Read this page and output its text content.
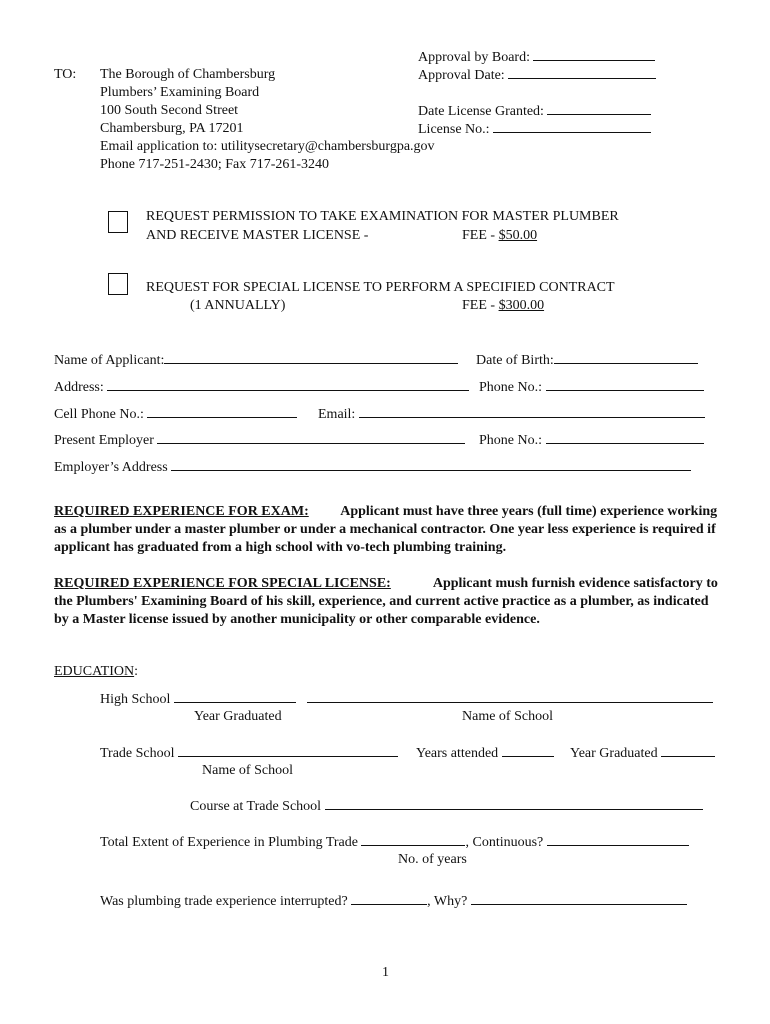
TO: The Borough of Chambersburg
Plumbers’ Examining Board
100 South Second Street
Chambersburg, PA 17201
Email application to: utilitysecretary@chambersburgpa.gov
Phone 717-251-2430; Fax 717-261-3240
Approval by Board:
Approval Date:
Date License Granted:
License No.:
REQUEST PERMISSION TO TAKE EXAMINATION FOR MASTER PLUMBER
AND RECEIVE MASTER LICENSE -	FEE - $50.00
REQUEST FOR SPECIAL LICENSE TO PERFORM A SPECIFIED CONTRACT
(1 ANNUALLY)	FEE - $300.00
Name of Applicant:	Date of Birth:
Address:	Phone No.:
Cell Phone No.:	Email:
Present Employer	Phone No.:
Employer’s Address
REQUIRED EXPERIENCE FOR EXAM: Applicant must have three years (full time) experience working as a plumber under a master plumber or under a mechanical contractor. One year less experience is required if applicant has graduated from a high school with vo-tech plumbing training.
REQUIRED EXPERIENCE FOR SPECIAL LICENSE:	Applicant mush furnish evidence satisfactory to the Plumbers' Examining Board of his skill, experience, and current active practice as a plumber, as indicated by a Master license issued by another municipality or other comparable evidence.
EDUCATION:
High School
Year Graduated	Name of School
Trade School	Years attended	Year Graduated
Name of School
Course at Trade School
Total Extent of Experience in Plumbing Trade	, Continuous?
No. of years
Was plumbing trade experience interrupted?	, Why?
1
